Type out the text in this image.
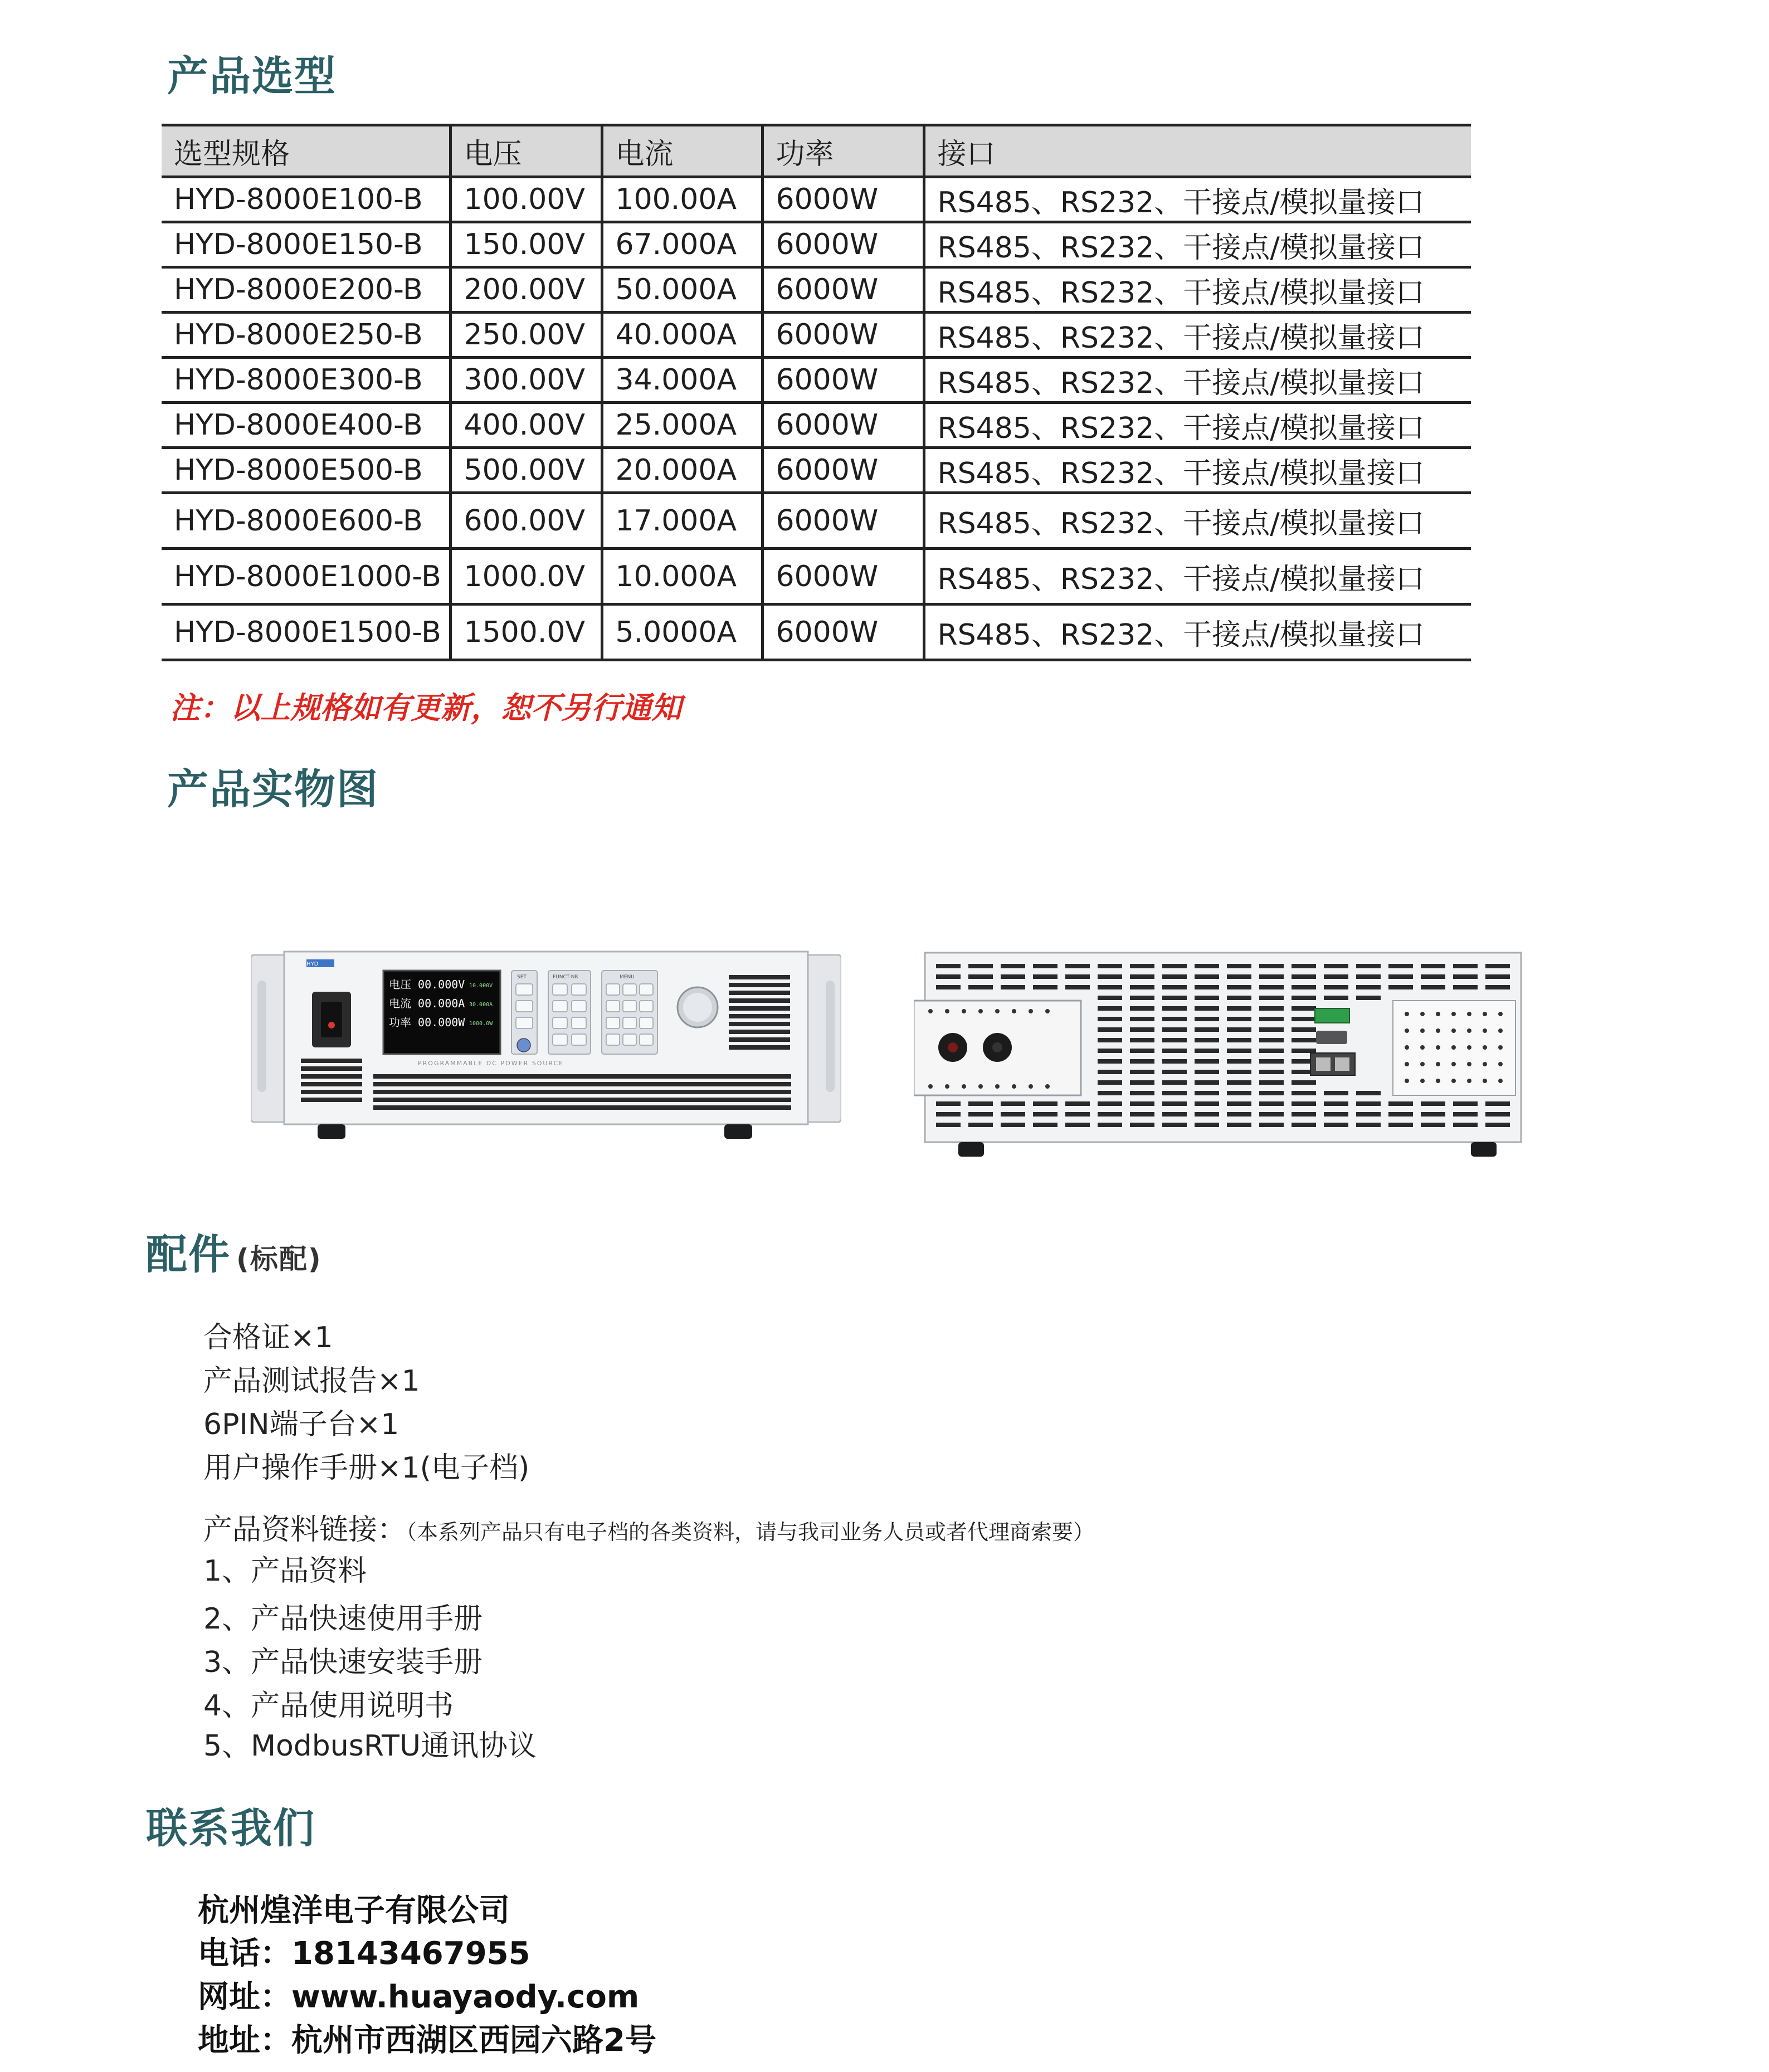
产品选型
选型规格	电压	电流	功率	接口
HYD-8000E100-B	100.00V	100.00A	6000W	RS485、RS232、干接点/模拟量接口
HYD-8000E150-B	150.00V	67.000A	6000W	RS485、RS232、干接点/模拟量接口
HYD-8000E200-B	200.00V	50.000A	6000W	RS485、RS232、干接点/模拟量接口
HYD-8000E250-B	250.00V	40.000A	6000W	RS485、RS232、干接点/模拟量接口
HYD-8000E300-B	300.00V	34.000A	6000W	RS485、RS232、干接点/模拟量接口
HYD-8000E400-B	400.00V	25.000A	6000W	RS485、RS232、干接点/模拟量接口
HYD-8000E500-B	500.00V	20.000A	6000W	RS485、RS232、干接点/模拟量接口
HYD-8000E600-B	600.00V	17.000A	6000W	RS485、RS232、干接点/模拟量接口
HYD-8000E1000-B	1000.0V	10.000A	6000W	RS485、RS232、干接点/模拟量接口
HYD-8000E1500-B	1500.0V	5.0000A	6000W	RS485、RS232、干接点/模拟量接口
注：以上规格如有更新，恕不另行通知
产品实物图
电压 00.000V
电流 00.000A
功率 00.000W
10.000V
30.000A
1000.0W
SET	FUNCT-NR	MENU
PROGRAMMABLE DC POWER SOURCE
HYD
配件 (标配)
合格证×1
产品测试报告×1
6PIN端子台×1
用户操作手册×1(电子档)
产品资料链接：（本系列产品只有电子档的各类资料，请与我司业务人员或者代理商索要）
1、产品资料
2、产品快速使用手册
3、产品快速安装手册
4、产品使用说明书
5、ModbusRTU通讯协议
联系我们
杭州煌洋电子有限公司
电话：18143467955
网址：www.huayaody.com
地址：杭州市西湖区西园六路2号
